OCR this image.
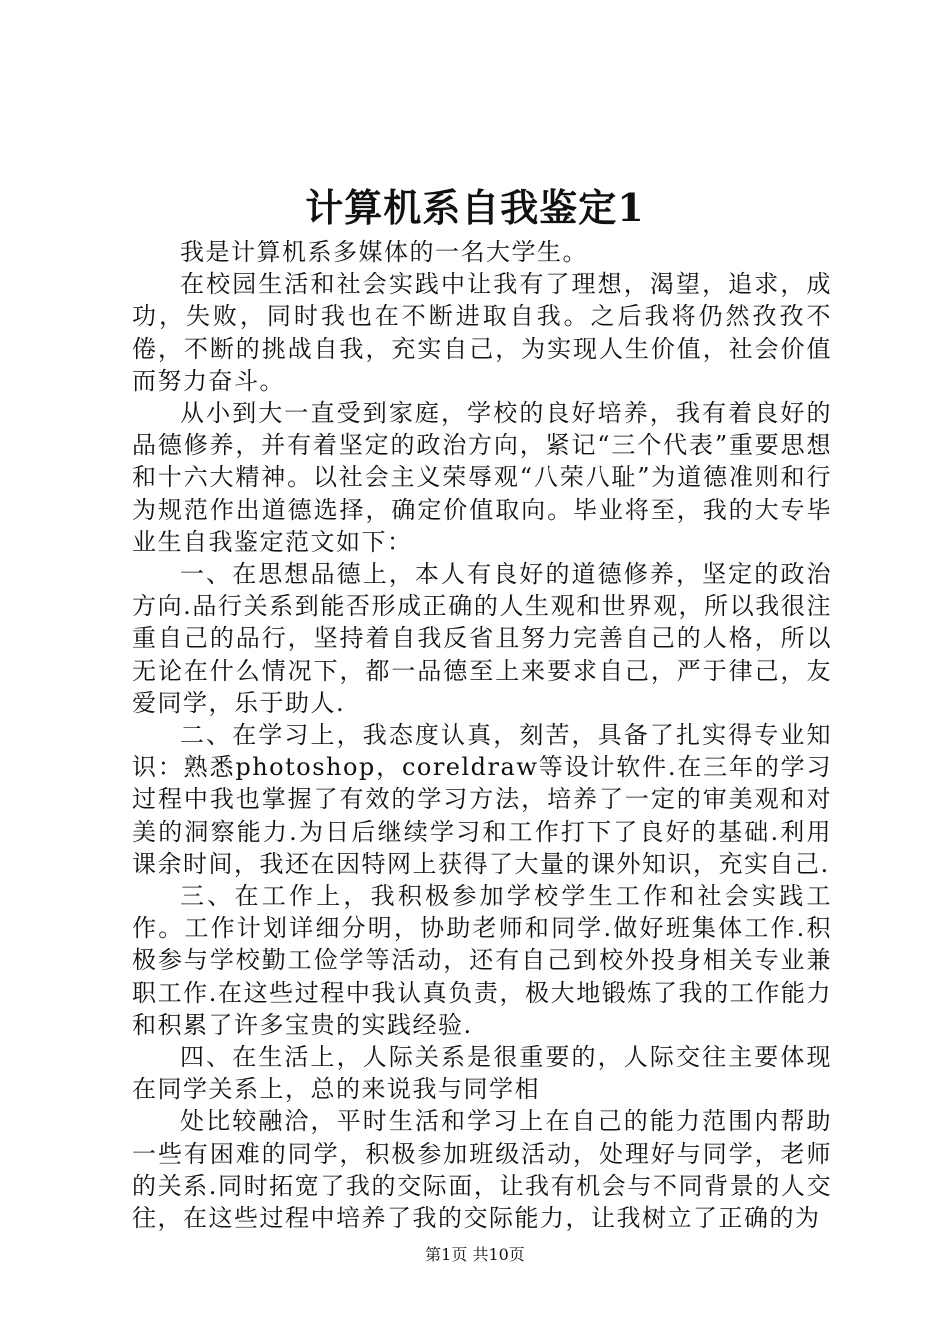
计算机系自我鉴定1

我是计算机系多媒体的一名大学生。

在校园生活和社会实践中让我有了理想，渴望，追求，成功，失败，同时我也在不断进取自我。之后我将仍然孜孜不倦，不断的挑战自我，充实自己，为实现人生价值，社会价值而努力奋斗。

从小到大一直受到家庭，学校的良好培养，我有着良好的品德修养，并有着坚定的政治方向，紧记“三个代表”重要思想和十六大精神。以社会主义荣辱观“八荣八耻”为道德准则和行为规范作出道德选择，确定价值取向。毕业将至，我的大专毕业生自我鉴定范文如下：

一、在思想品德上，本人有良好的道德修养，坚定的政治方向.品行关系到能否形成正确的人生观和世界观，所以我很注重自己的品行，坚持着自我反省且努力完善自己的人格，所以无论在什么情况下，都一品德至上来要求自己，严于律己，友爱同学，乐于助人.

二、在学习上，我态度认真，刻苦，具备了扎实得专业知识：熟悉photoshop，coreldraw等设计软件.在三年的学习过程中我也掌握了有效的学习方法，培养了一定的审美观和对美的洞察能力.为日后继续学习和工作打下了良好的基础.利用课余时间，我还在因特网上获得了大量的课外知识，充实自己.

三、在工作上，我积极参加学校学生工作和社会实践工作。工作计划详细分明，协助老师和同学.做好班集体工作.积极参与学校勤工俭学等活动，还有自己到校外投身相关专业兼职工作.在这些过程中我认真负责，极大地锻炼了我的工作能力和积累了许多宝贵的实践经验.

四、在生活上，人际关系是很重要的，人际交往主要体现在同学关系上，总的来说我与同学相

处比较融洽，平时生活和学习上在自己的能力范围内帮助一些有困难的同学，积极参加班级活动，处理好与同学，老师的关系.同时拓宽了我的交际面，让我有机会与不同背景的人交往，在这些过程中培养了我的交际能力，让我树立了正确的为

第1页 共10页
